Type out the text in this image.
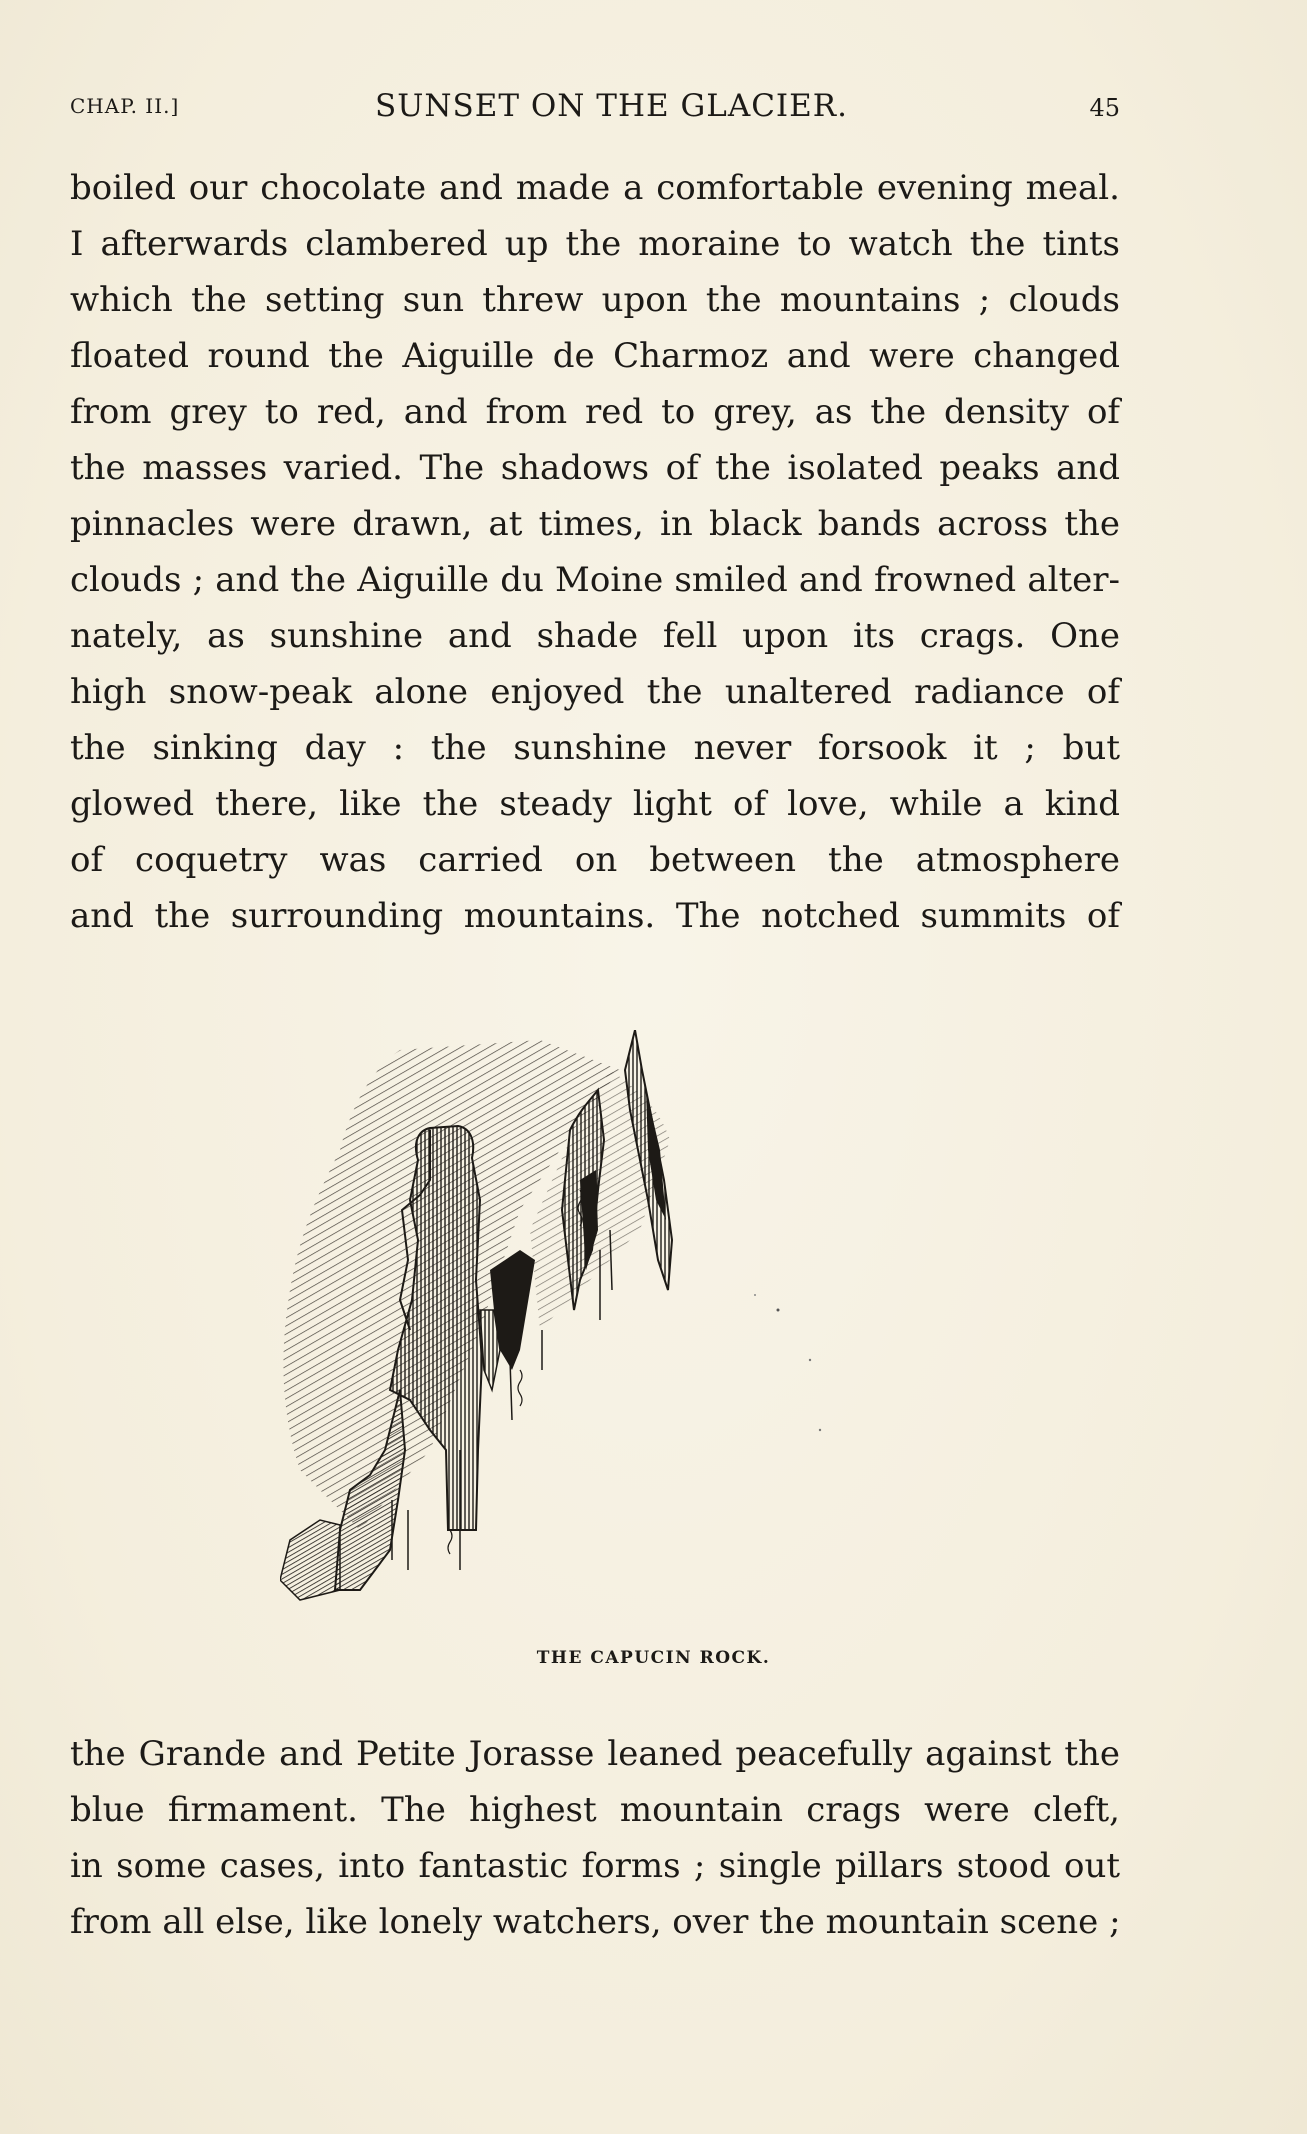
CHAP. II.]	SUNSET ON THE GLACIER.	45
boiled our chocolate and made a comfortable evening meal.
I afterwards clambered up the moraine to watch the tints
which the setting sun threw upon the mountains ; clouds
floated round the Aiguille de Charmoz and were changed
from grey to red, and from red to grey, as the density of
the masses varied. The shadows of the isolated peaks and
pinnacles were drawn, at times, in black bands across the
clouds ; and the Aiguille du Moine smiled and frowned alter-
nately, as sunshine and shade fell upon its crags. One
high snow-peak alone enjoyed the unaltered radiance of
the sinking day : the sunshine never forsook it ; but
glowed there, like the steady light of love, while a kind
of coquetry was carried on between the atmosphere
and the surrounding mountains. The notched summits of
THE CAPUCIN ROCK.
the Grande and Petite Jorasse leaned peacefully against the
blue firmament. The highest mountain crags were cleft,
in some cases, into fantastic forms ; single pillars stood out
from all else, like lonely watchers, over the mountain scene ;
